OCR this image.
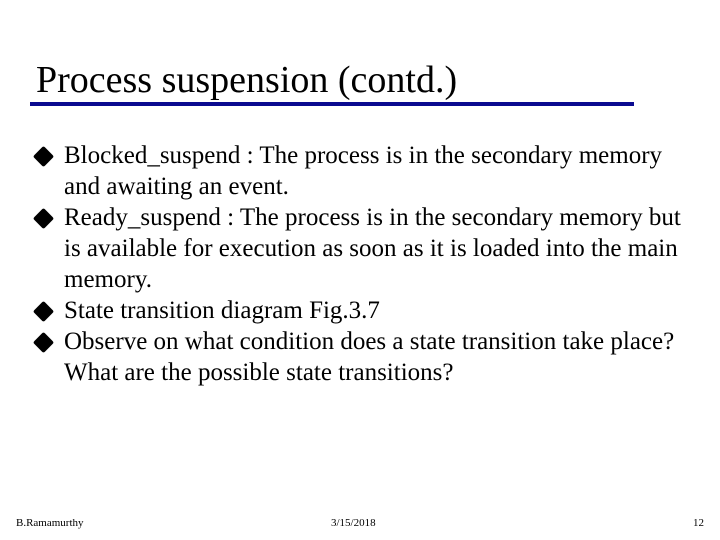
Process suspension (contd.)
Blocked_suspend : The process is in the secondary memory and awaiting an event.
Ready_suspend : The process is in the secondary memory but is available for execution as soon as it is loaded into the main memory.
State transition diagram Fig.3.7
Observe on what condition does a state transition take place? What are the possible state transitions?
B.Ramamurthy	3/15/2018	12
